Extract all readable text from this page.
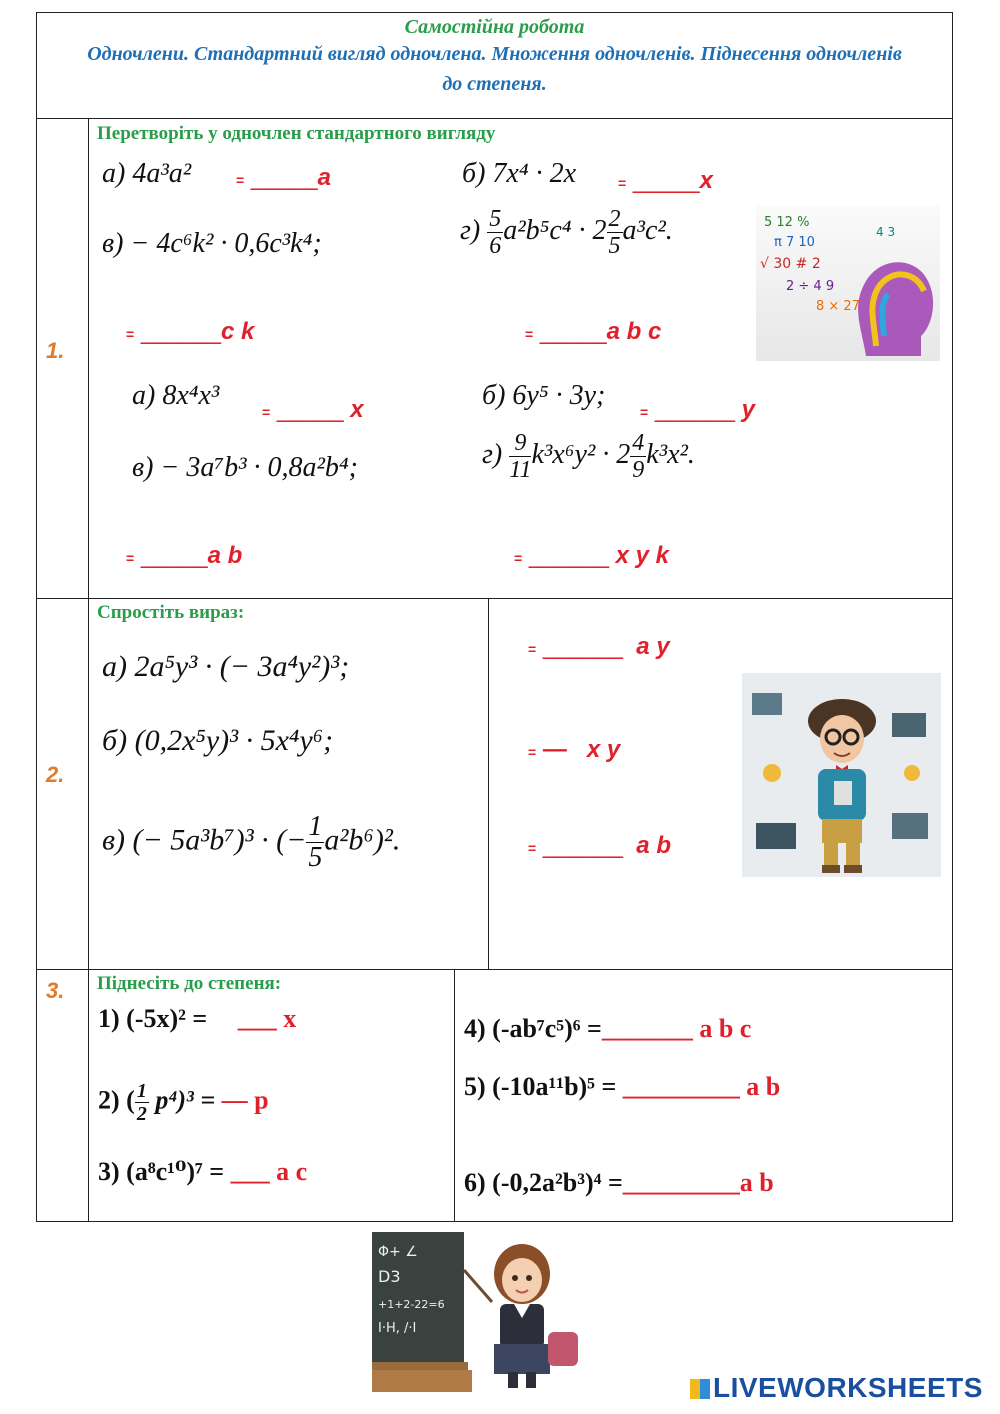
Самостійна робота
Одночлени. Стандартний вигляд одночлена. Множення одночленів. Піднесення одночленів до степеня.
1.
Перетворіть у одночлен стандартного вигляду
а) 4a³a²	= _____a	б) 7x⁴ · 2x	= _____x
в) − 4c⁶k² · 0,6c³k⁴;
= ______c k
$г) \frac{5}{6} a^2b^5c^4 \cdot 2 \frac{2}{5} a^3c^2$.
= _____a b c
а) 8x⁴x³
= _____ x	б) 6y⁵ · 3y;
= ______ y
в) − 3a⁷b³ · 0,8a²b⁴;
= _____a b
$г) \frac{9}{11} k^3x^6y^2 \cdot 2 \frac{4}{9} k^3x^2$.
= ______ x y k
5 12 %
π 7 10
√ 30 # 2
2 ÷ 4 9
8 × 27
4 3
2.
Спростіть вираз:
а) 2a⁵y³ · (− 3a⁴y²)³;
б) (0,2x⁵y)³ · 5x⁴y⁶;
в) (− 5a³b⁷)³ · (− $\frac{1}{5} a^2b^6)^2$.
= ______ a y
= — x y
= ______ a b
3. Піднесіть до степеня:
1) (-5x)² = ___ x
2) ( $\frac{1}{2} p^4)^3$ = — p
3) (a⁸c¹⁰)⁷ = ___ a c
4) (-ab⁷c⁵)⁶ =_______ a b c
5) (-10a¹¹b)⁵ = _________ a b
6) (-0,2a²b³)⁴ =_________a b
Φ+ ∠
D3
+1+2-22=6
I·H, /·I
LIVEWORKSHEETS
